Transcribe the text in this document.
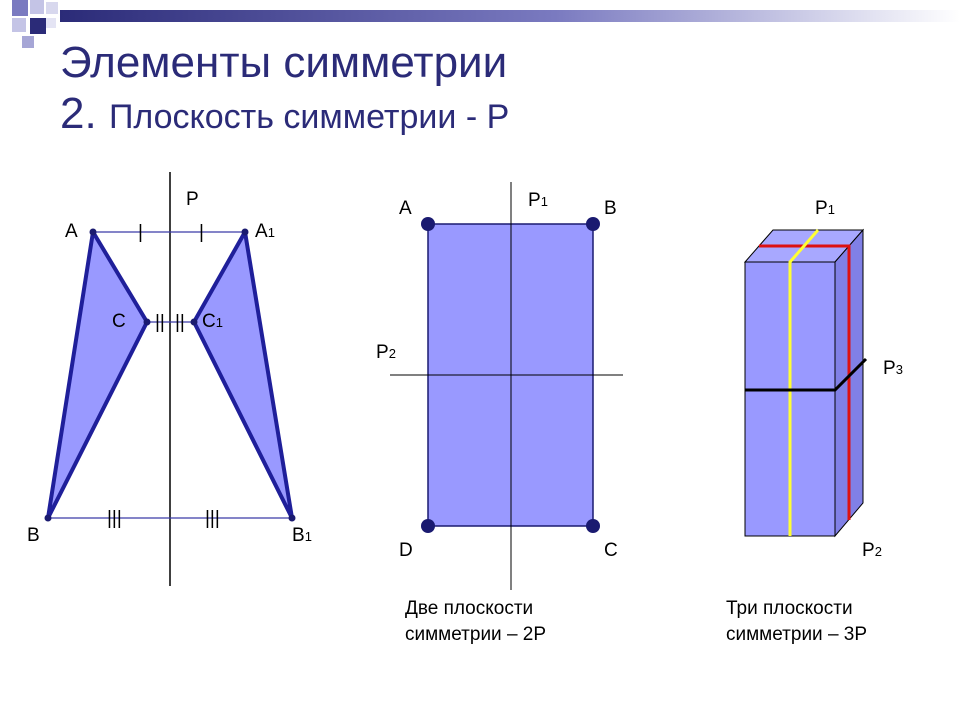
Элементы симметрии
2. Плоскость симметрии - Р
|	|
|| ||
|||	|||
Р
А	А1
С	С1
В	В1
А	В
D	С
Р1
Р2
Р1
Р3
Р2
Две плоскости
симметрии – 2Р
Три плоскости
симметрии – 3Р
